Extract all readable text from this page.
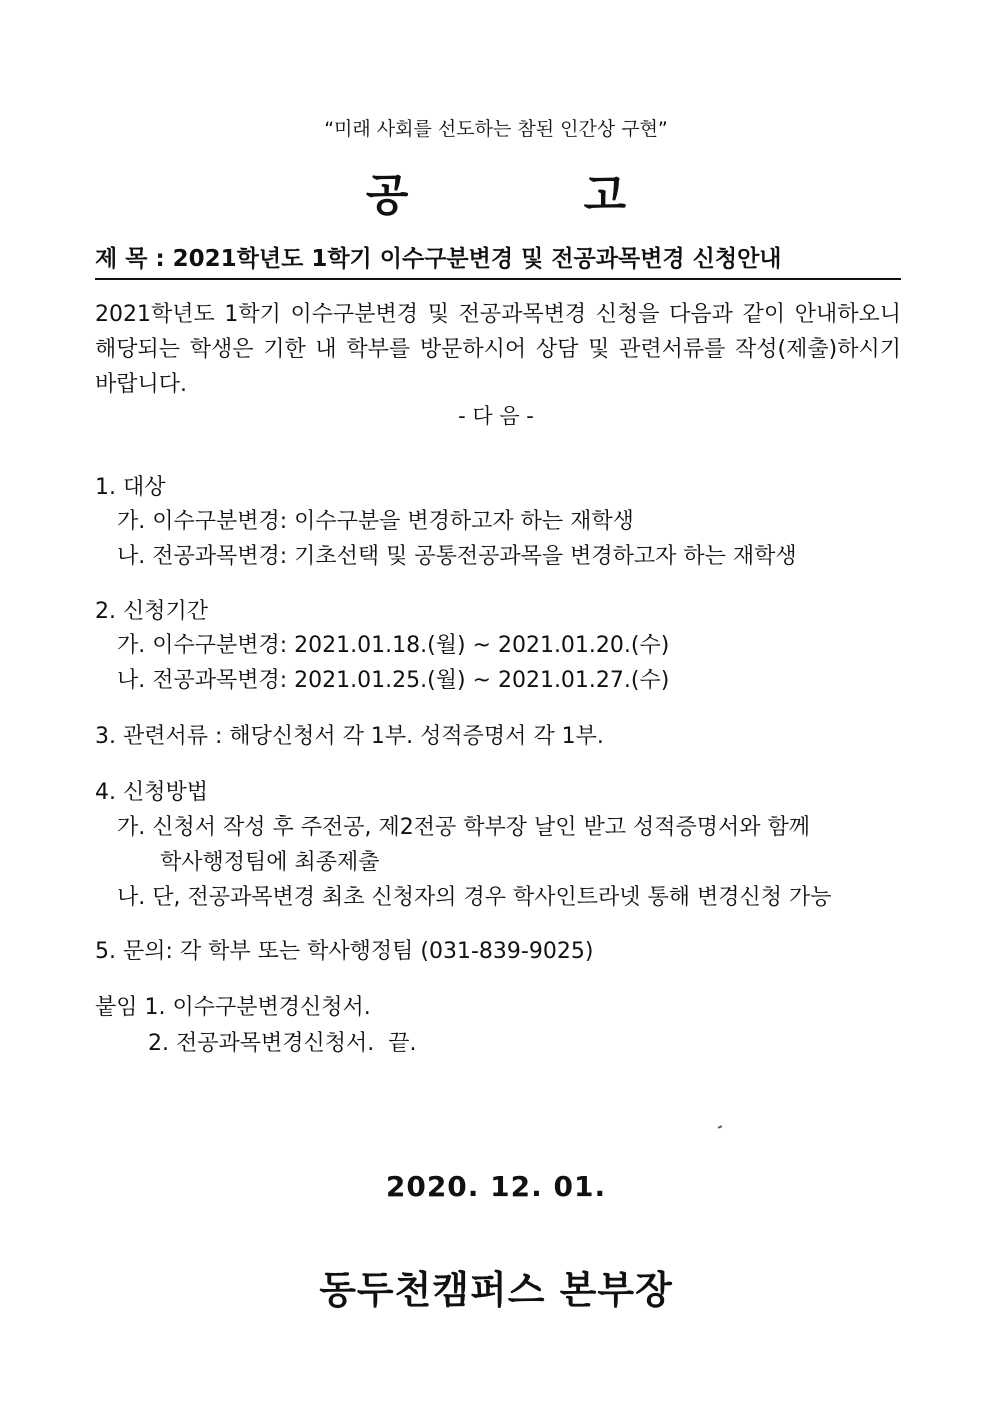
“미래 사회를 선도하는 참된 인간상 구현”
공 고
제 목 : 2021학년도 1학기 이수구분변경 및 전공과목변경 신청안내
2021학년도 1학기 이수구분변경 및 전공과목변경 신청을 다음과 같이 안내하오니 해당되는 학생은 기한 내 학부를 방문하시어 상담 및 관련서류를 작성(제출)하시기 바랍니다.
- 다 음 -
1. 대상
가. 이수구분변경: 이수구분을 변경하고자 하는 재학생
나. 전공과목변경: 기초선택 및 공통전공과목을 변경하고자 하는 재학생
2. 신청기간
가. 이수구분변경: 2021.01.18.(월) ~ 2021.01.20.(수)
나. 전공과목변경: 2021.01.25.(월) ~ 2021.01.27.(수)
3. 관련서류 : 해당신청서 각 1부. 성적증명서 각 1부.
4. 신청방법
가. 신청서 작성 후 주전공, 제2전공 학부장 날인 받고 성적증명서와 함께
학사행정팀에 최종제출
나. 단, 전공과목변경 최초 신청자의 경우 학사인트라넷 통해 변경신청 가능
5. 문의: 각 학부 또는 학사행정팀 (031-839-9025)
붙임 1. 이수구분변경신청서.
2. 전공과목변경신청서.  끝.
2020. 12. 01.
동두천캠퍼스 본부장
